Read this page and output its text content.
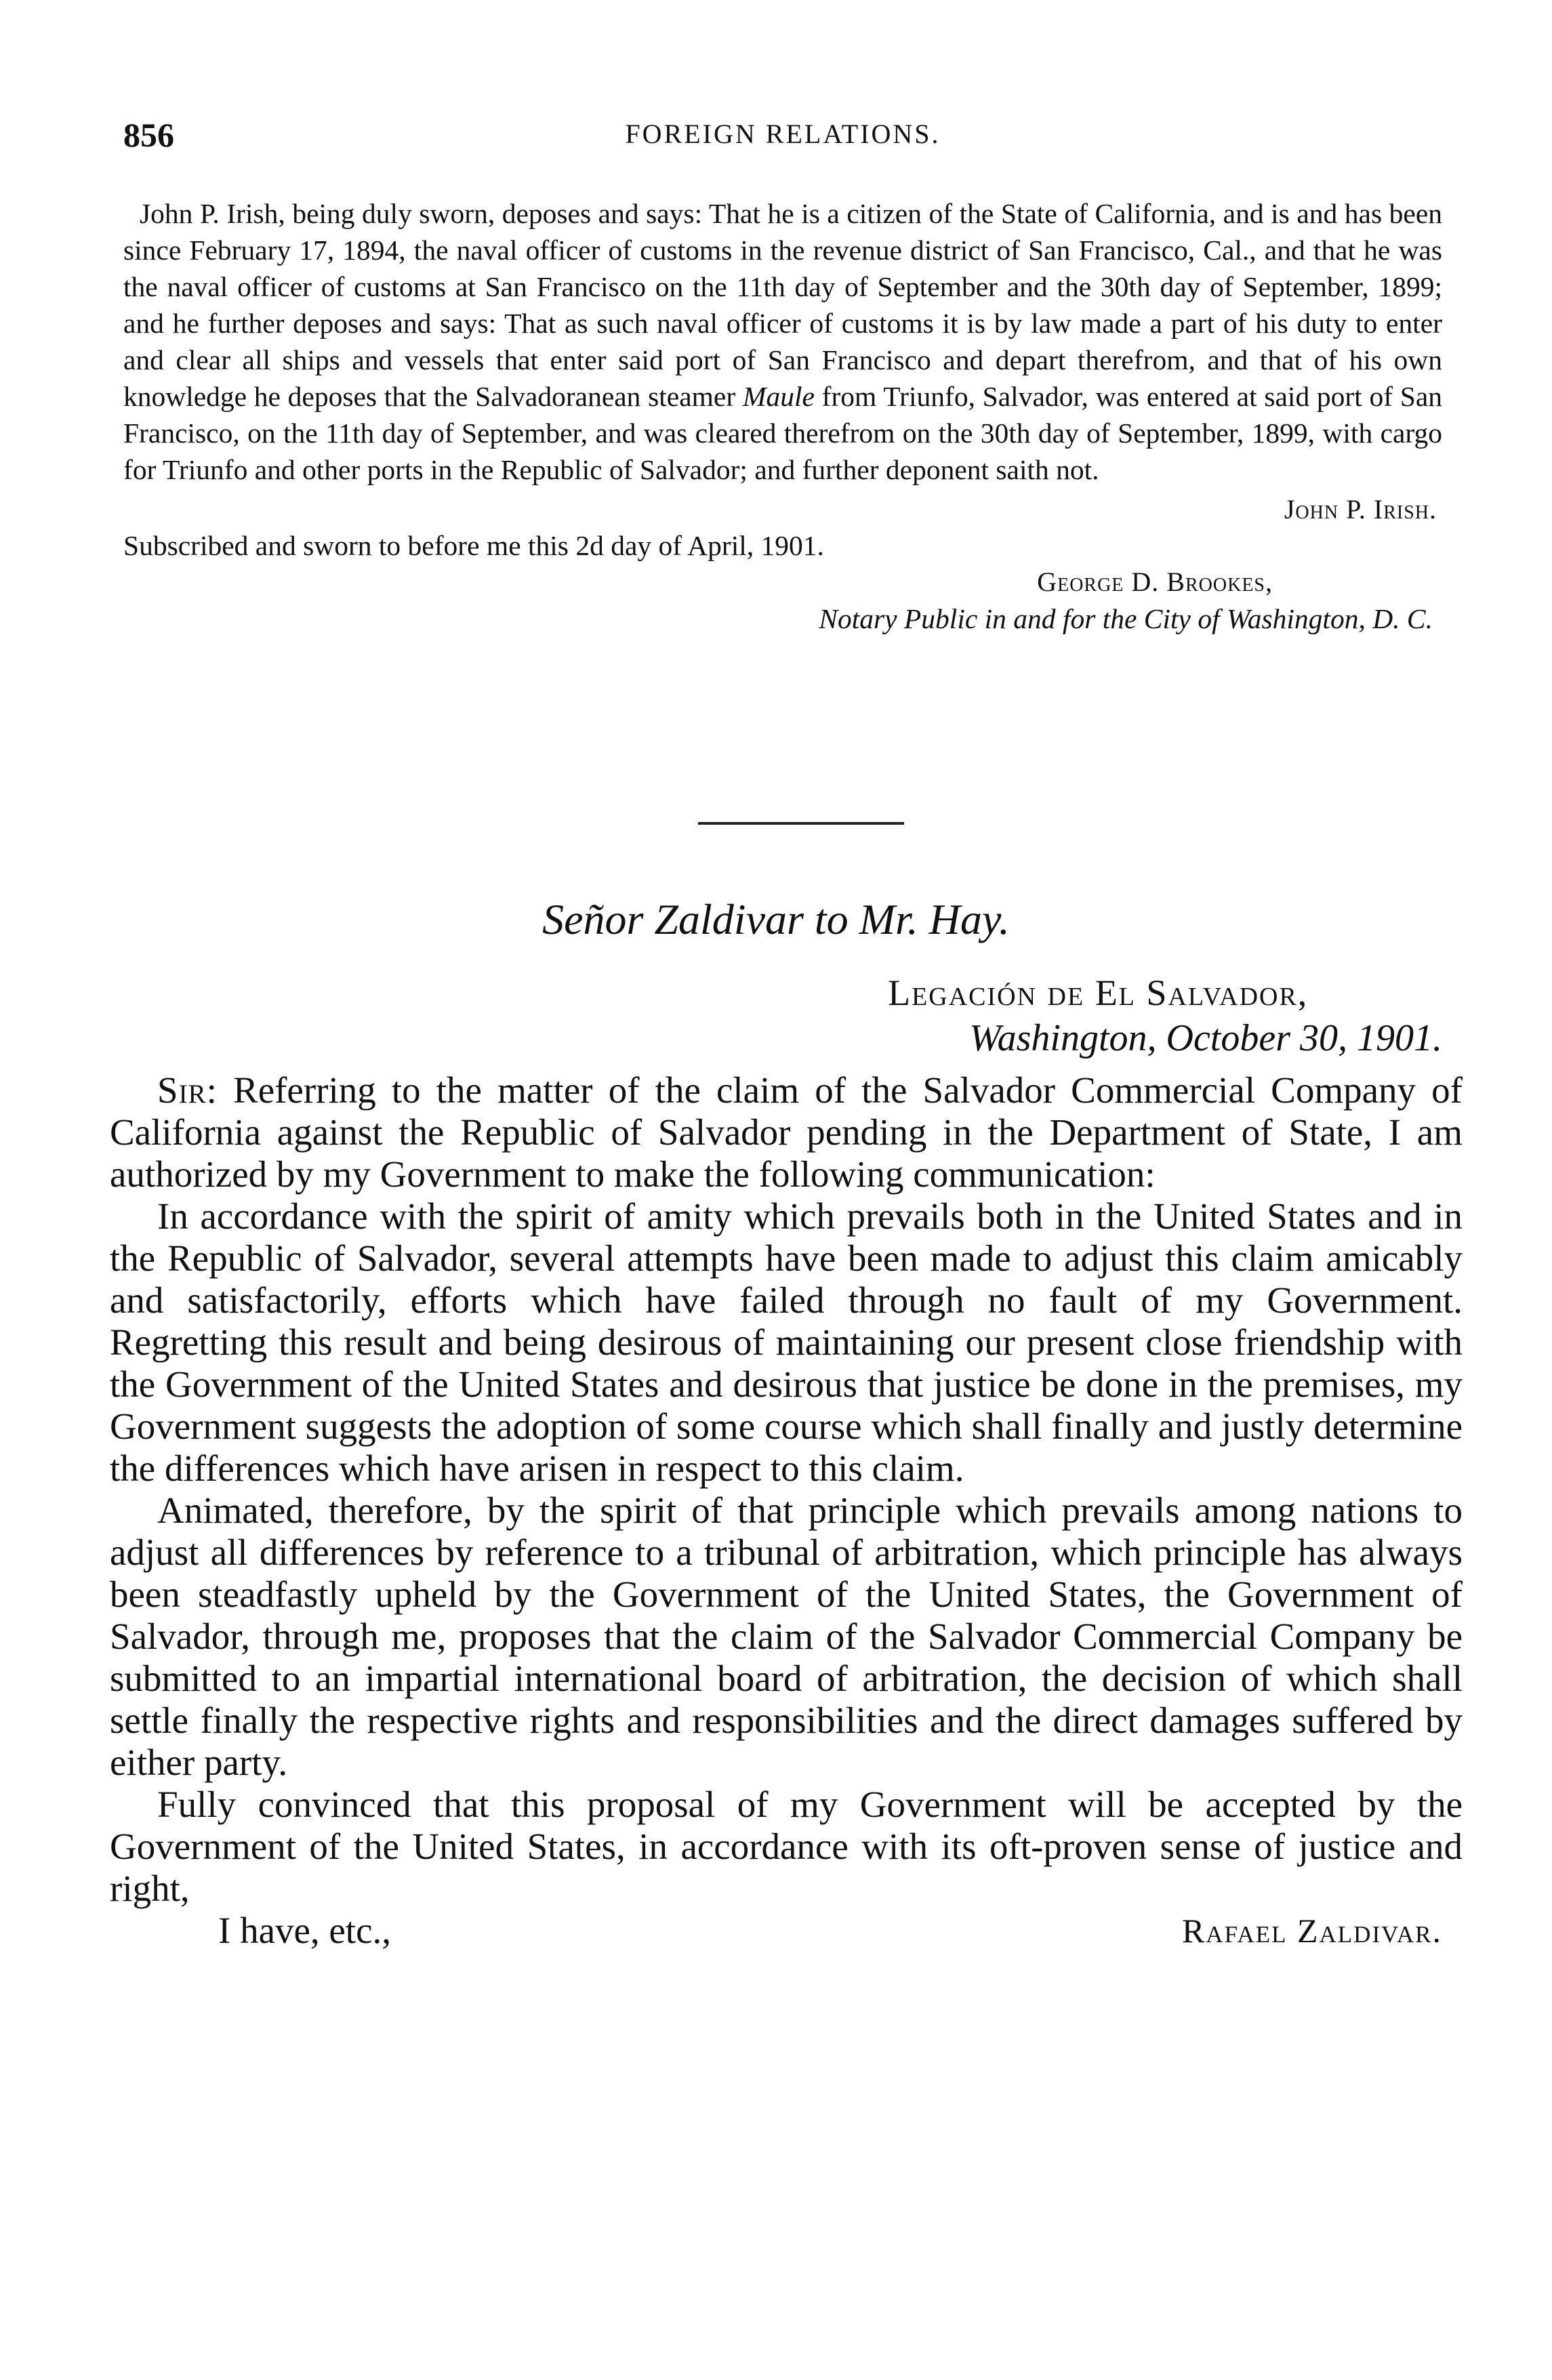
856	FOREIGN RELATIONS.

John P. Irish, being duly sworn, deposes and says: That he is a citizen of the State of California, and is and has been since February 17, 1894, the naval officer of customs in the revenue district of San Francisco, Cal., and that he was the naval officer of customs at San Francisco on the 11th day of September and the 30th day of September, 1899; and he further deposes and says: That as such naval officer of customs it is by law made a part of his duty to enter and clear all ships and vessels that enter said port of San Francisco and depart therefrom, and that of his own knowledge he deposes that the Salvadoranean steamer Maule from Triunfo, Salvador, was entered at said port of San Francisco, on the 11th day of September, and was cleared therefrom on the 30th day of September, 1899, with cargo for Triunfo and other ports in the Republic of Salvador; and further deponent saith not.

John P. Irish.

Subscribed and sworn to before me this 2d day of April, 1901.

George D. Brookes,
Notary Public in and for the City of Washington, D. C.
Señor Zaldivar to Mr. Hay.
Legación de El Salvador,
Washington, October 30, 1901.

Sir: Referring to the matter of the claim of the Salvador Commercial Company of California against the Republic of Salvador pending in the Department of State, I am authorized by my Government to make the following communication:

In accordance with the spirit of amity which prevails both in the United States and in the Republic of Salvador, several attempts have been made to adjust this claim amicably and satisfactorily, efforts which have failed through no fault of my Government. Regretting this result and being desirous of maintaining our present close friendship with the Government of the United States and desirous that justice be done in the premises, my Government suggests the adoption of some course which shall finally and justly determine the differences which have arisen in respect to this claim.

Animated, therefore, by the spirit of that principle which prevails among nations to adjust all differences by reference to a tribunal of arbitration, which principle has always been steadfastly upheld by the Government of the United States, the Government of Salvador, through me, proposes that the claim of the Salvador Commercial Company be submitted to an impartial international board of arbitration, the decision of which shall settle finally the respective rights and responsibilities and the direct damages suffered by either party.

Fully convinced that this proposal of my Government will be accepted by the Government of the United States, in accordance with its oft-proven sense of justice and right,

I have, etc.,	Rafael Zaldivar.
